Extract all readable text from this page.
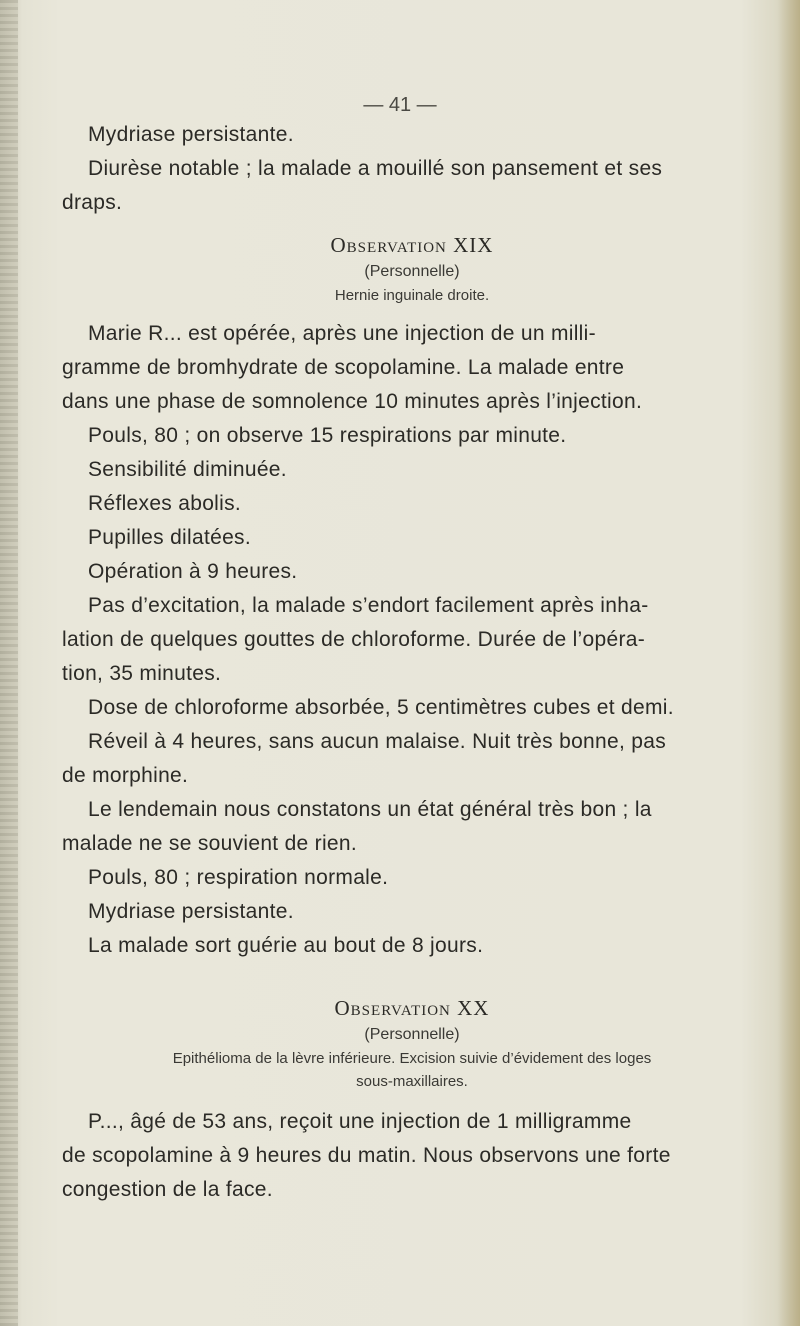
— 41 —

Mydriase persistante.

Diurèse notable ; la malade a mouillé son pansement et ses

draps.

Observation XIX

(Personnelle)

Hernie inguinale droite.

Marie R... est opérée, après une injection de un milli-

gramme de bromhydrate de scopolamine. La malade entre

dans une phase de somnolence 10 minutes après l’injection.

Pouls, 80 ; on observe 15 respirations par minute.

Sensibilité diminuée.

Réflexes abolis.

Pupilles dilatées.

Opération à 9 heures.

Pas d’excitation, la malade s’endort facilement après inha-

lation de quelques gouttes de chloroforme. Durée de l’opéra-

tion, 35 minutes.

Dose de chloroforme absorbée, 5 centimètres cubes et demi.

Réveil à 4 heures, sans aucun malaise. Nuit très bonne, pas

de morphine.

Le lendemain nous constatons un état général très bon ; la

malade ne se souvient de rien.

Pouls, 80 ; respiration normale.

Mydriase persistante.

La malade sort guérie au bout de 8 jours.

Observation XX

(Personnelle)

Epithélioma de la lèvre inférieure. Excision suivie d’évidement des loges

sous-maxillaires.

P..., âgé de 53 ans, reçoit une injection de 1 milligramme

de scopolamine à 9 heures du matin. Nous observons une forte

congestion de la face.
